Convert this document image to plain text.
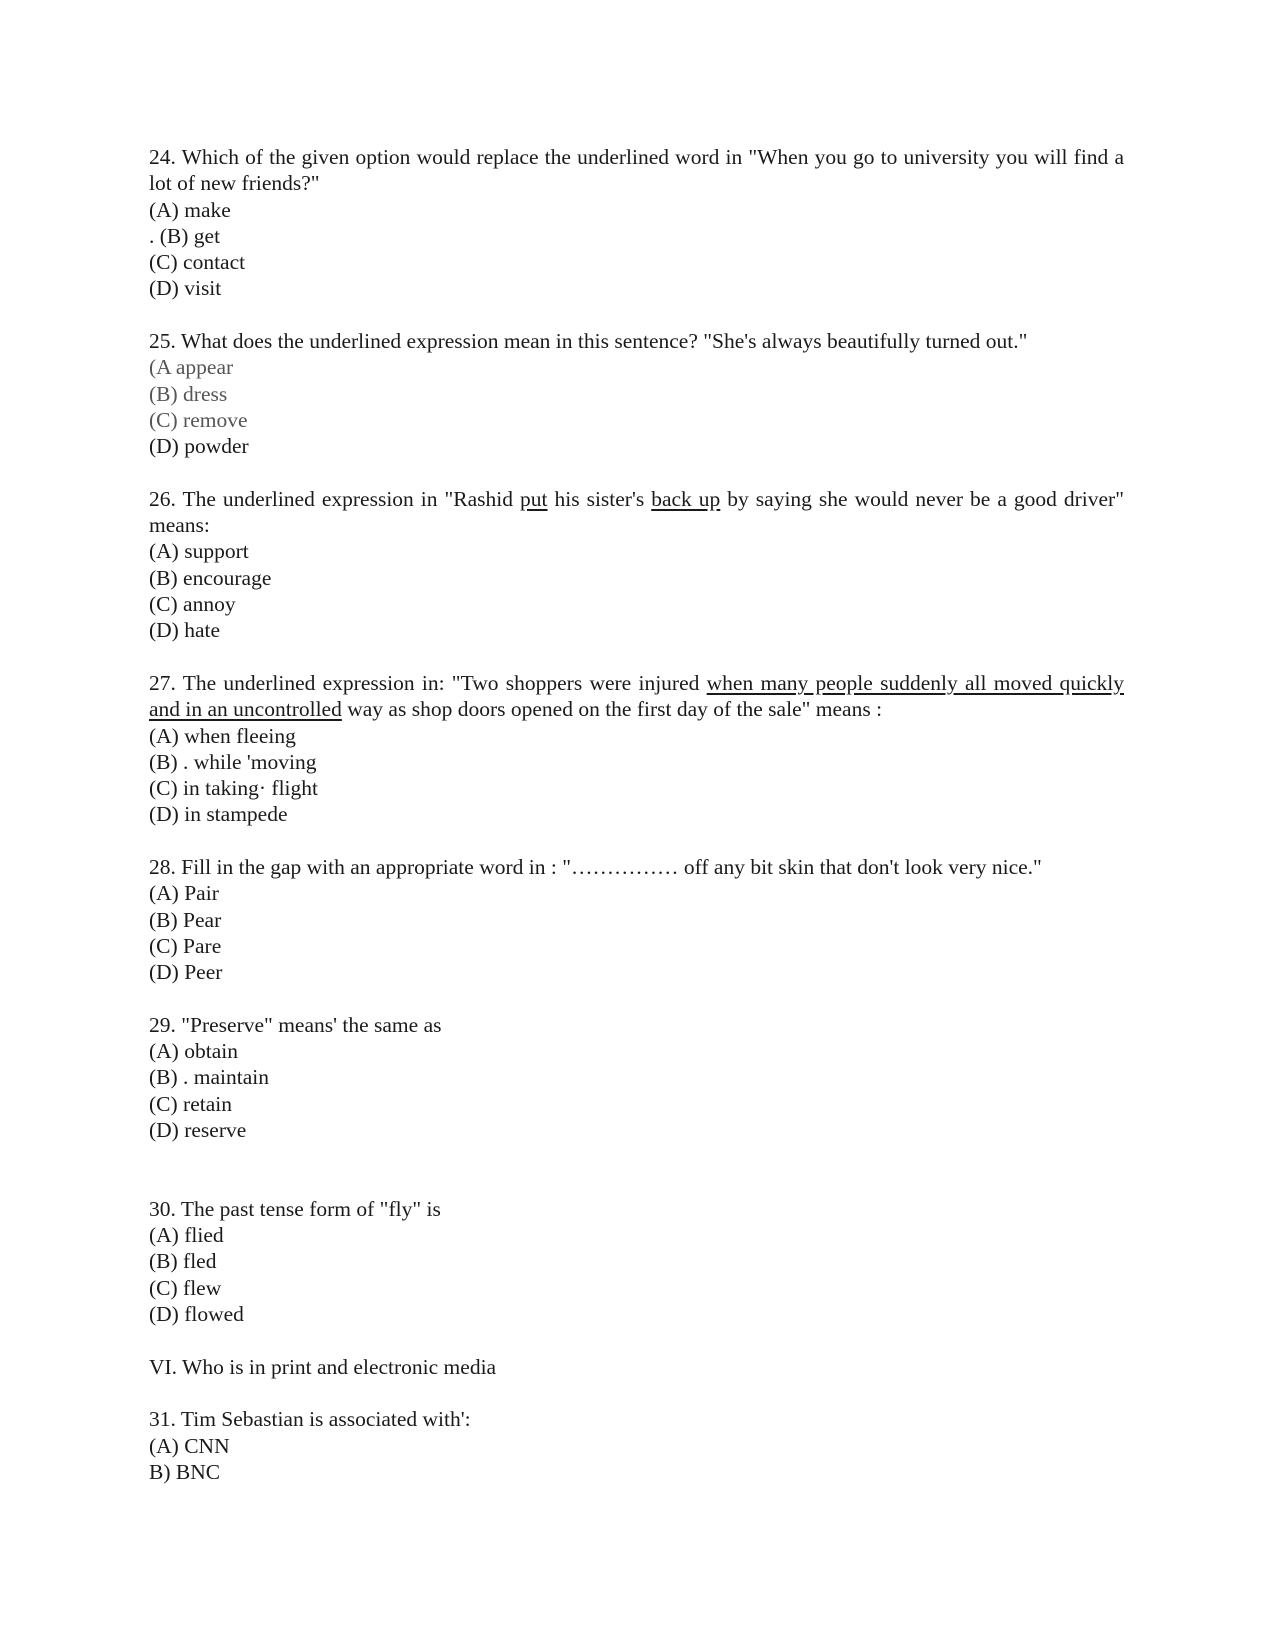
24. Which of the given option would replace the underlined word in "When you go to university you will find a lot of new friends?"
(A) make
. (B) get
(C) contact
(D) visit
25. What does the underlined expression mean in this sentence? "She's always beautifully turned out."
(A appear
(B) dress
(C) remove
(D) powder
26. The underlined expression in "Rashid put his sister's back up by saying she would never be a good driver" means:
(A) support
(B) encourage
(C) annoy
(D) hate
27. The underlined expression in: "Two shoppers were injured when many people suddenly all moved quickly and in an uncontrolled way as shop doors opened on the first day of the sale" means :
(A) when fleeing
(B) . while 'moving
(C) in taking· flight
(D) in stampede
28. Fill in the gap with an appropriate word in : "…………… off any bit skin that don't look very nice."
(A) Pair
(B) Pear
(C) Pare
(D) Peer
29. "Preserve" means' the same as
(A) obtain
(B) . maintain
(C) retain
(D) reserve
30. The past tense form of "fly" is
(A) flied
(B) fled
(C) flew
(D) flowed
VI. Who is in print and electronic media
31. Tim Sebastian is associated with':
(A) CNN
B) BNC
